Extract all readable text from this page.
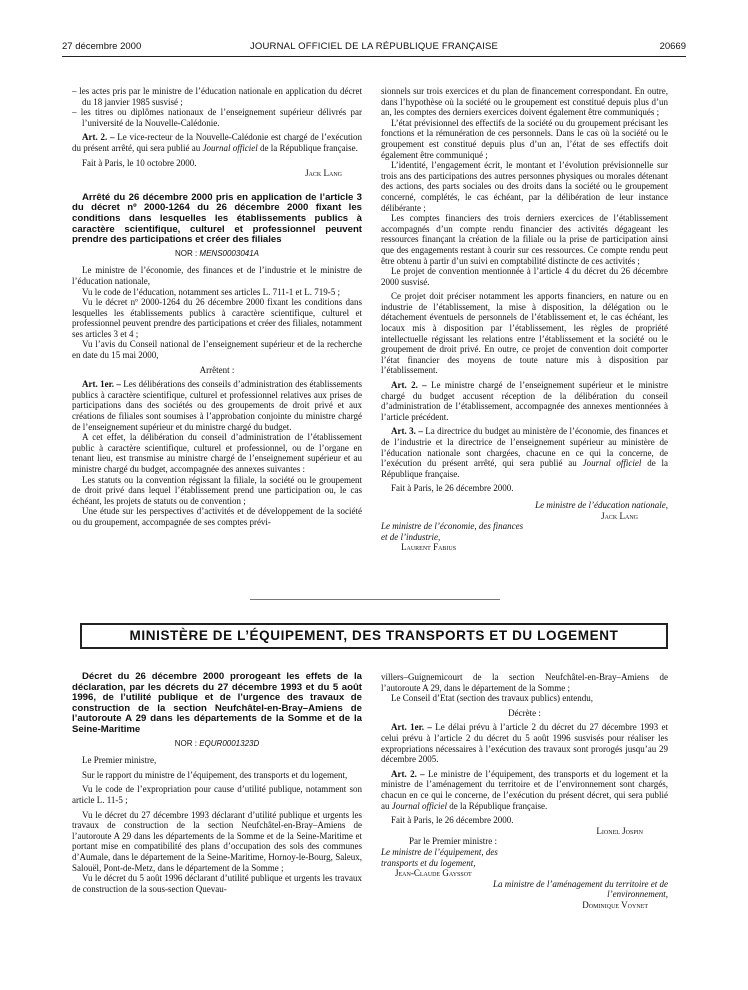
27 décembre 2000	JOURNAL OFFICIEL DE LA RÉPUBLIQUE FRANÇAISE	20669

– les actes pris par le ministre de l’éducation nationale en application du décret du 18 janvier 1985 susvisé ;

– les titres ou diplômes nationaux de l’enseignement supérieur délivrés par l’université de la Nouvelle-Calédonie.

Art. 2. – Le vice-recteur de la Nouvelle-Calédonie est chargé de l’exécution du présent arrêté, qui sera publié au Journal officiel de la République française.

Fait à Paris, le 10 octobre 2000.

Jack Lang

Arrêté du 26 décembre 2000 pris en application de l’article 3 du décret nº 2000-1264 du 26 décembre 2000 fixant les conditions dans lesquelles les établissements publics à caractère scientifique, culturel et professionnel peuvent prendre des participations et créer des filiales

NOR : MENS0003041A

Le ministre de l’économie, des finances et de l’industrie et le ministre de l’éducation nationale,

Vu le code de l’éducation, notamment ses articles L. 711-1 et L. 719-5 ;

Vu le décret nº 2000-1264 du 26 décembre 2000 fixant les conditions dans lesquelles les établissements publics à caractère scientifique, culturel et professionnel peuvent prendre des participations et créer des filiales, notamment ses articles 3 et 4 ;

Vu l’avis du Conseil national de l’enseignement supérieur et de la recherche en date du 15 mai 2000,

Arrêtent :

Art. 1er. – Les délibérations des conseils d’administration des établissements publics à caractère scientifique, culturel et professionnel relatives aux prises de participations dans des sociétés ou des groupements de droit privé et aux créations de filiales sont soumises à l’approbation conjointe du ministre chargé de l’enseignement supérieur et du ministre chargé du budget.

A cet effet, la délibération du conseil d’administration de l’établissement public à caractère scientifique, culturel et professionnel, ou de l’organe en tenant lieu, est transmise au ministre chargé de l’enseignement supérieur et au ministre chargé du budget, accompagnée des annexes suivantes :

Les statuts ou la convention régissant la filiale, la société ou le groupement de droit privé dans lequel l’établissement prend une participation ou, le cas échéant, les projets de statuts ou de convention ;

Une étude sur les perspectives d’activités et de développement de la société ou du groupement, accompagnée de ses comptes prévi-

sionnels sur trois exercices et du plan de financement correspondant. En outre, dans l’hypothèse où la société ou le groupement est constitué depuis plus d’un an, les comptes des derniers exercices doivent également être communiqués ;

L’état prévisionnel des effectifs de la société ou du groupement précisant les fonctions et la rémunération de ces personnels. Dans le cas où la société ou le groupement est constitué depuis plus d’un an, l’état de ses effectifs doit également être communiqué ;

L’identité, l’engagement écrit, le montant et l’évolution prévisionnelle sur trois ans des participations des autres personnes physiques ou morales détenant des actions, des parts sociales ou des droits dans la société ou le groupement concerné, complétés, le cas échéant, par la délibération de leur instance délibérante ;

Les comptes financiers des trois derniers exercices de l’établissement accompagnés d’un compte rendu financier des activités dégageant les ressources finançant la création de la filiale ou la prise de participation ainsi que des engagements restant à courir sur ces ressources. Ce compte rendu peut être obtenu à partir d’un suivi en comptabilité distincte de ces activités ;

Le projet de convention mentionnée à l’article 4 du décret du 26 décembre 2000 susvisé.

Ce projet doit préciser notamment les apports financiers, en nature ou en industrie de l’établissement, la mise à disposition, la délégation ou le détachement éventuels de personnels de l’établissement et, le cas échéant, les locaux mis à disposition par l’établissement, les règles de propriété intellectuelle régissant les relations entre l’établissement et la société ou le groupement de droit privé. En outre, ce projet de convention doit comporter l’état financier des moyens de toute nature mis à disposition par l’établissement.

Art. 2. – Le ministre chargé de l’enseignement supérieur et le ministre chargé du budget accusent réception de la délibération du conseil d’administration de l’établissement, accompagnée des annexes mentionnées à l’article précédent.

Art. 3. – La directrice du budget au ministère de l’économie, des finances et de l’industrie et la directrice de l’enseignement supérieur au ministère de l’éducation nationale sont chargées, chacune en ce qui la concerne, de l’exécution du présent arrêté, qui sera publié au Journal officiel de la République française.

Fait à Paris, le 26 décembre 2000.

Le ministre de l’éducation nationale,

Jack Lang

Le ministre de l’économie, des finances et de l’industrie,

Laurent Fabius

MINISTÈRE DE L’ÉQUIPEMENT, DES TRANSPORTS ET DU LOGEMENT

Décret du 26 décembre 2000 prorogeant les effets de la déclaration, par les décrets du 27 décembre 1993 et du 5 août 1996, de l’utilité publique et de l’urgence des travaux de construction de la section Neufchâtel-en-Bray–Amiens de l’autoroute A 29 dans les départements de la Somme et de la Seine-Maritime

NOR : EQUR0001323D

Le Premier ministre,

Sur le rapport du ministre de l’équipement, des transports et du logement,

Vu le code de l’expropriation pour cause d’utilité publique, notamment son article L. 11-5 ;

Vu le décret du 27 décembre 1993 déclarant d’utilité publique et urgents les travaux de construction de la section Neufchâtel-en-Bray–Amiens de l’autoroute A 29 dans les départements de la Somme et de la Seine-Maritime et portant mise en compatibilité des plans d’occupation des sols des communes d’Aumale, dans le département de la Seine-Maritime, Hornoy-le-Bourg, Saleux, Salouël, Pont-de-Metz, dans le département de la Somme ;

Vu le décret du 5 août 1996 déclarant d’utilité publique et urgents les travaux de construction de la sous-section Quevau-

villers–Guignemicourt de la section Neufchâtel-en-Bray–Amiens de l’autoroute A 29, dans le département de la Somme ;

Le Conseil d’Etat (section des travaux publics) entendu,

Décrète :

Art. 1er. – Le délai prévu à l’article 2 du décret du 27 décembre 1993 et celui prévu à l’article 2 du décret du 5 août 1996 susvisés pour réaliser les expropriations nécessaires à l’exécution des travaux sont prorogés jusqu’au 29 décembre 2005.

Art. 2. – Le ministre de l’équipement, des transports et du logement et la ministre de l’aménagement du territoire et de l’environnement sont chargés, chacun en ce qui le concerne, de l’exécution du présent décret, qui sera publié au Journal officiel de la République française.

Fait à Paris, le 26 décembre 2000.

Lionel Jospin

Par le Premier ministre :

Le ministre de l’équipement, des transports et du logement,

Jean-Claude Gayssot

La ministre de l’aménagement du territoire et de l’environnement,

Dominique Voynet
